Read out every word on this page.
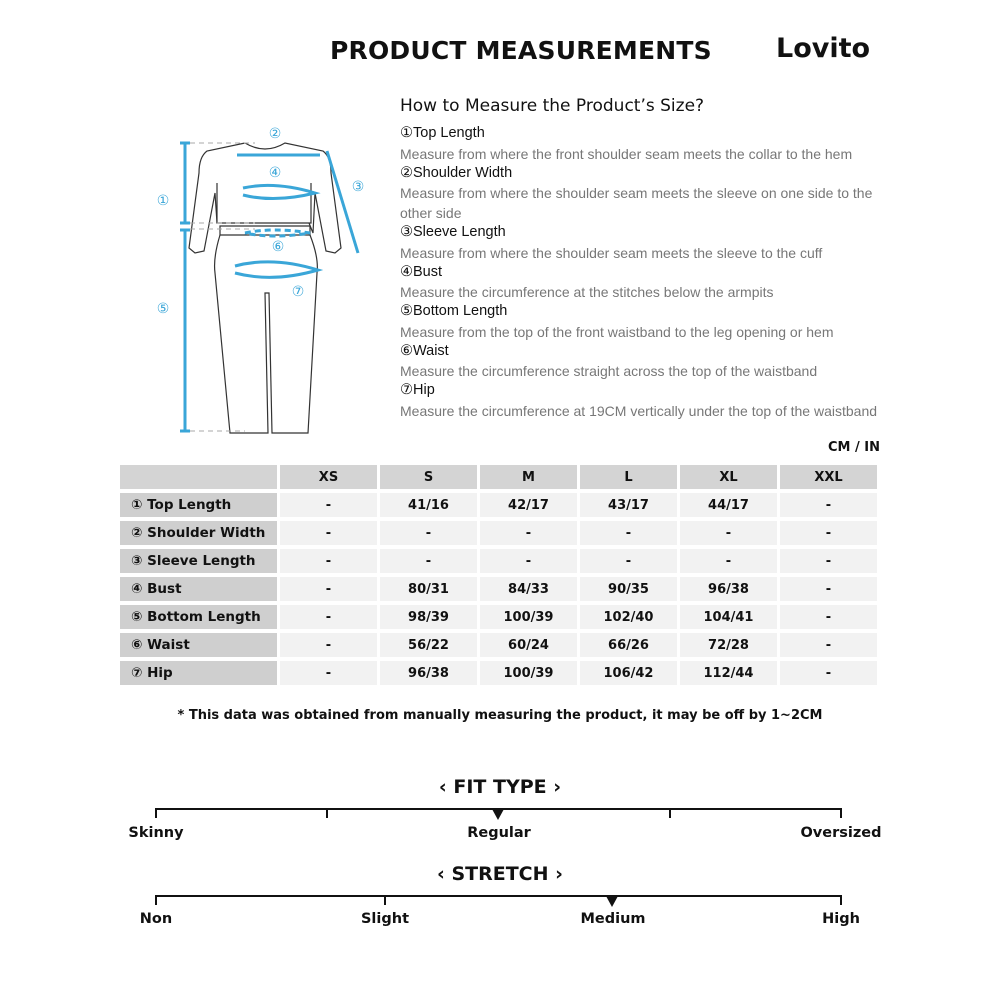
PRODUCT MEASUREMENTS Lovito
②
①
③
④
⑤
⑥
⑦
How to Measure the Product’s Size?
①Top Length
Measure from where the front shoulder seam meets the collar to the hem
②Shoulder Width
Measure from where the shoulder seam meets the sleeve on one side to the other side
③Sleeve Length
Measure from where the shoulder seam meets the sleeve to the cuff
④Bust
Measure the circumference at the stitches below the armpits
⑤Bottom Length
Measure from the top of the front waistband to the leg opening or hem
⑥Waist
Measure the circumference straight across the top of the waistband
⑦Hip
Measure the circumference at 19CM vertically under the top of the waistband
CM / IN
	XS	S	M	L	XL	XXL
① Top Length	-	41/16	42/17	43/17	44/17	-
② Shoulder Width	-	-	-	-	-	-
③ Sleeve Length	-	-	-	-	-	-
④ Bust	-	80/31	84/33	90/35	96/38	-
⑤ Bottom Length	-	98/39	100/39	102/40	104/41	-
⑥ Waist	-	56/22	60/24	66/26	72/28	-
⑦ Hip	-	96/38	100/39	106/42	112/44	-
* This data was obtained from manually measuring the product, it may be off by 1~2CM
‹ FIT TYPE ›
Skinny	Regular	Oversized
‹ STRETCH ›
Non	Slight	Medium	High
